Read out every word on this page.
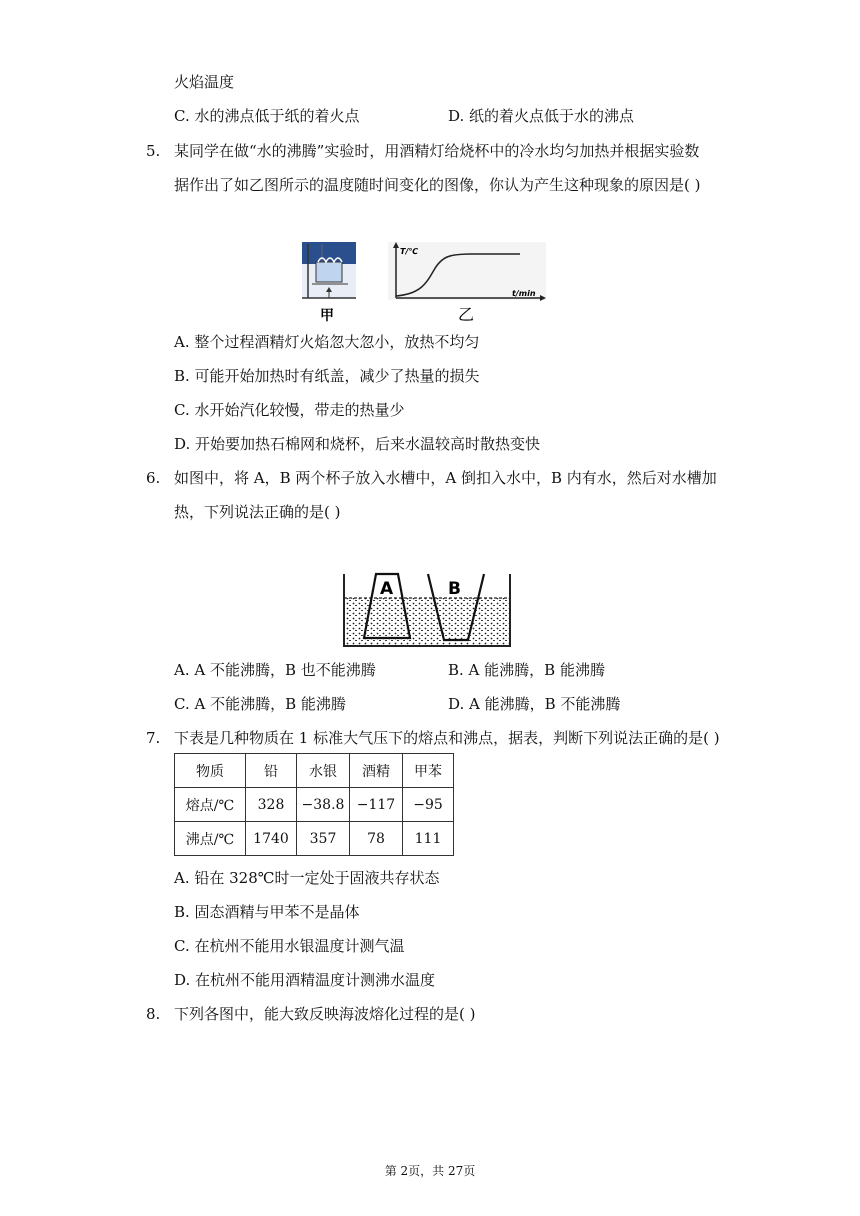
火焰温度
C. 水的沸点低于纸的着火点	D. 纸的着火点低于水的沸点
5. 某同学在做“水的沸腾”实验时，用酒精灯给烧杯中的冷水均匀加热并根据实验数
据作出了如乙图所示的温度随时间变化的图像，你认为产生这种现象的原因是( )
甲
T/℃
t/min
乙
A. 整个过程酒精灯火焰忽大忽小，放热不均匀
B. 可能开始加热时有纸盖，减少了热量的损失
C. 水开始汽化较慢，带走的热量少
D. 开始要加热石棉网和烧杯，后来水温较高时散热变快
6. 如图中，将 A，B 两个杯子放入水槽中，A 倒扣入水中，B 内有水，然后对水槽加
热，下列说法正确的是( )
A	B
A. A 不能沸腾，B 也不能沸腾	B. A 能沸腾，B 能沸腾
C. A 不能沸腾，B 能沸腾	D. A 能沸腾，B 不能沸腾
7. 下表是几种物质在 1 标准大气压下的熔点和沸点，据表，判断下列说法正确的是( )
物质	铅	水银	酒精	甲苯
熔点/℃	328	−38.8	−117	−95
沸点/℃	1740	357	78	111
A. 铅在 328℃时一定处于固液共存状态
B. 固态酒精与甲苯不是晶体
C. 在杭州不能用水银温度计测气温
D. 在杭州不能用酒精温度计测沸水温度
8. 下列各图中，能大致反映海波熔化过程的是( )
第 2页，共 27页
